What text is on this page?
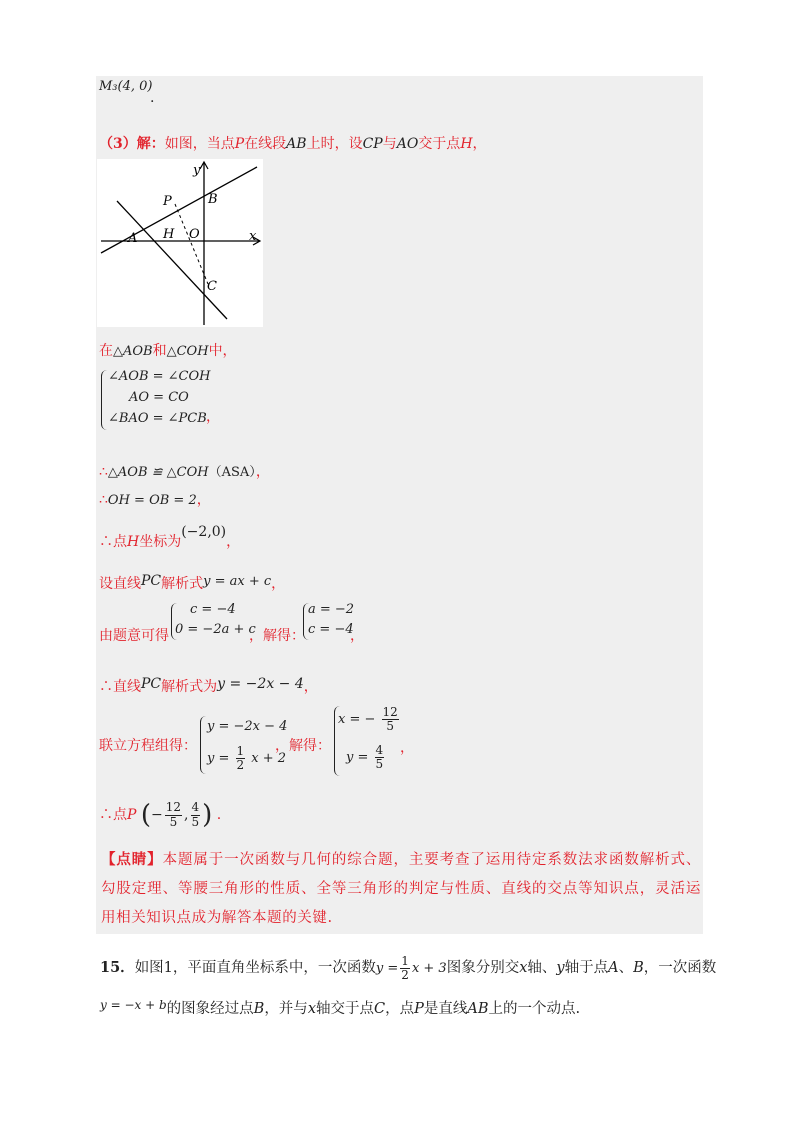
M₃(4, 0)
.
（3）解：如图，当点P在线段AB上时，设CP与AO交于点H，
y
P	B
A H O	x
C
在△AOB和△COH中，
∠AOB = ∠COH
AO = CO
∠BAO = ∠PCB ，
∴△AOB ≌ △COH（ASA），
∴OH = OB = 2，
∴点H坐标为(−2,0)，
设直线PC解析式y = ax + c，
由题意可得
c = −4
0 = −2a + c
，解得：
a = −2
c = −4
，
∴直线PC解析式为y = −2x − 4，
联立方程组得：
y = −2x − 4
$y = \frac{1}{2}$ x + 2
，解得：
x = − $\frac{12}{5}$
$y = \frac{4}{5}$ ，
∴点P (− $\frac{12}{5}$ , $\frac{4}{5}$ ) .
【点睛】本题属于一次函数与几何的综合题，主要考查了运用待定系数法求函数解析式、勾股定理、等腰三角形的性质、全等三角形的判定与性质、直线的交点等知识点，灵活运用相关知识点成为解答本题的关键.
15．如图1，平面直角坐标系中，一次函数$y = \frac{1}{2}$ x + 3图象分别交x轴、y轴于点A、B，一次函数
$^{y = -x + b}$的图象经过点B，并与x轴交于点C，点P是直线AB上的一个动点.
